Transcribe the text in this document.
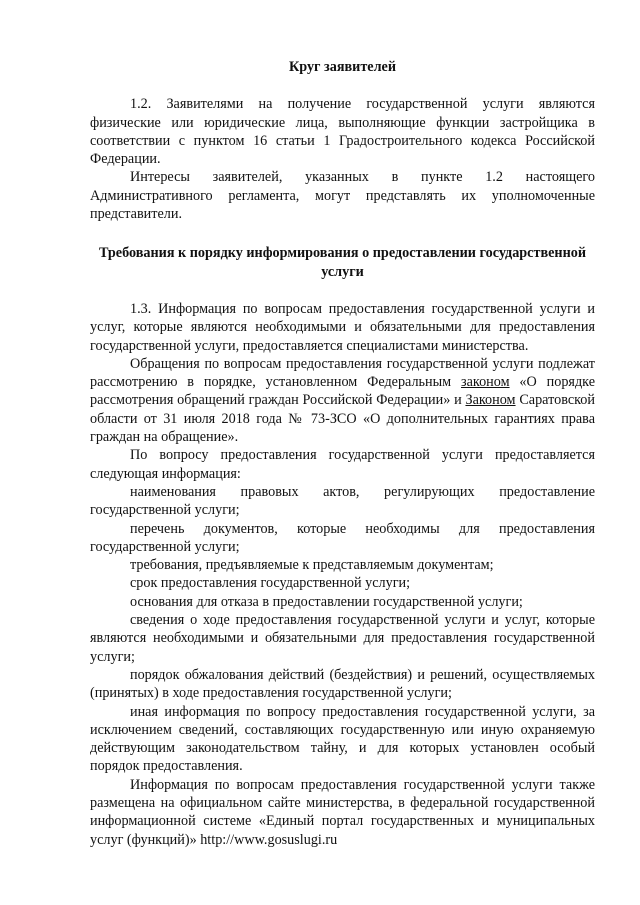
Круг заявителей

1.2. Заявителями на получение государственной услуги являются физические или юридические лица, выполняющие функции застройщика в соответствии с пунктом 16 статьи 1 Градостроительного кодекса Российской Федерации.

Интересы заявителей, указанных в пункте 1.2 настоящего Административного регламента, могут представлять их уполномоченные представители.

Требования к порядку информирования о предоставлении государственной услуги

1.3. Информация по вопросам предоставления государственной услуги и услуг, которые являются необходимыми и обязательными для предоставления государственной услуги, предоставляется специалистами министерства.

Обращения по вопросам предоставления государственной услуги подлежат рассмотрению в порядке, установленном Федеральным законом «О порядке рассмотрения обращений граждан Российской Федерации» и Законом Саратовской области от 31 июля 2018 года № 73-ЗСО «О дополнительных гарантиях права граждан на обращение».

По вопросу предоставления государственной услуги предоставляется следующая информация:

наименования правовых актов, регулирующих предоставление государственной услуги;

перечень документов, которые необходимы для предоставления государственной услуги;

требования, предъявляемые к представляемым документам;

срок предоставления государственной услуги;

основания для отказа в предоставлении государственной услуги;

сведения о ходе предоставления государственной услуги и услуг, которые являются необходимыми и обязательными для предоставления государственной услуги;

порядок обжалования действий (бездействия) и решений, осуществляемых (принятых) в ходе предоставления государственной услуги;

иная информация по вопросу предоставления государственной услуги, за исключением сведений, составляющих государственную или иную охраняемую действующим законодательством тайну, и для которых установлен особый порядок предоставления.

Информация по вопросам предоставления государственной услуги также размещена на официальном сайте министерства, в федеральной государственной информационной системе «Единый портал государственных и муниципальных услуг (функций)» http://www.gosuslugi.ru
